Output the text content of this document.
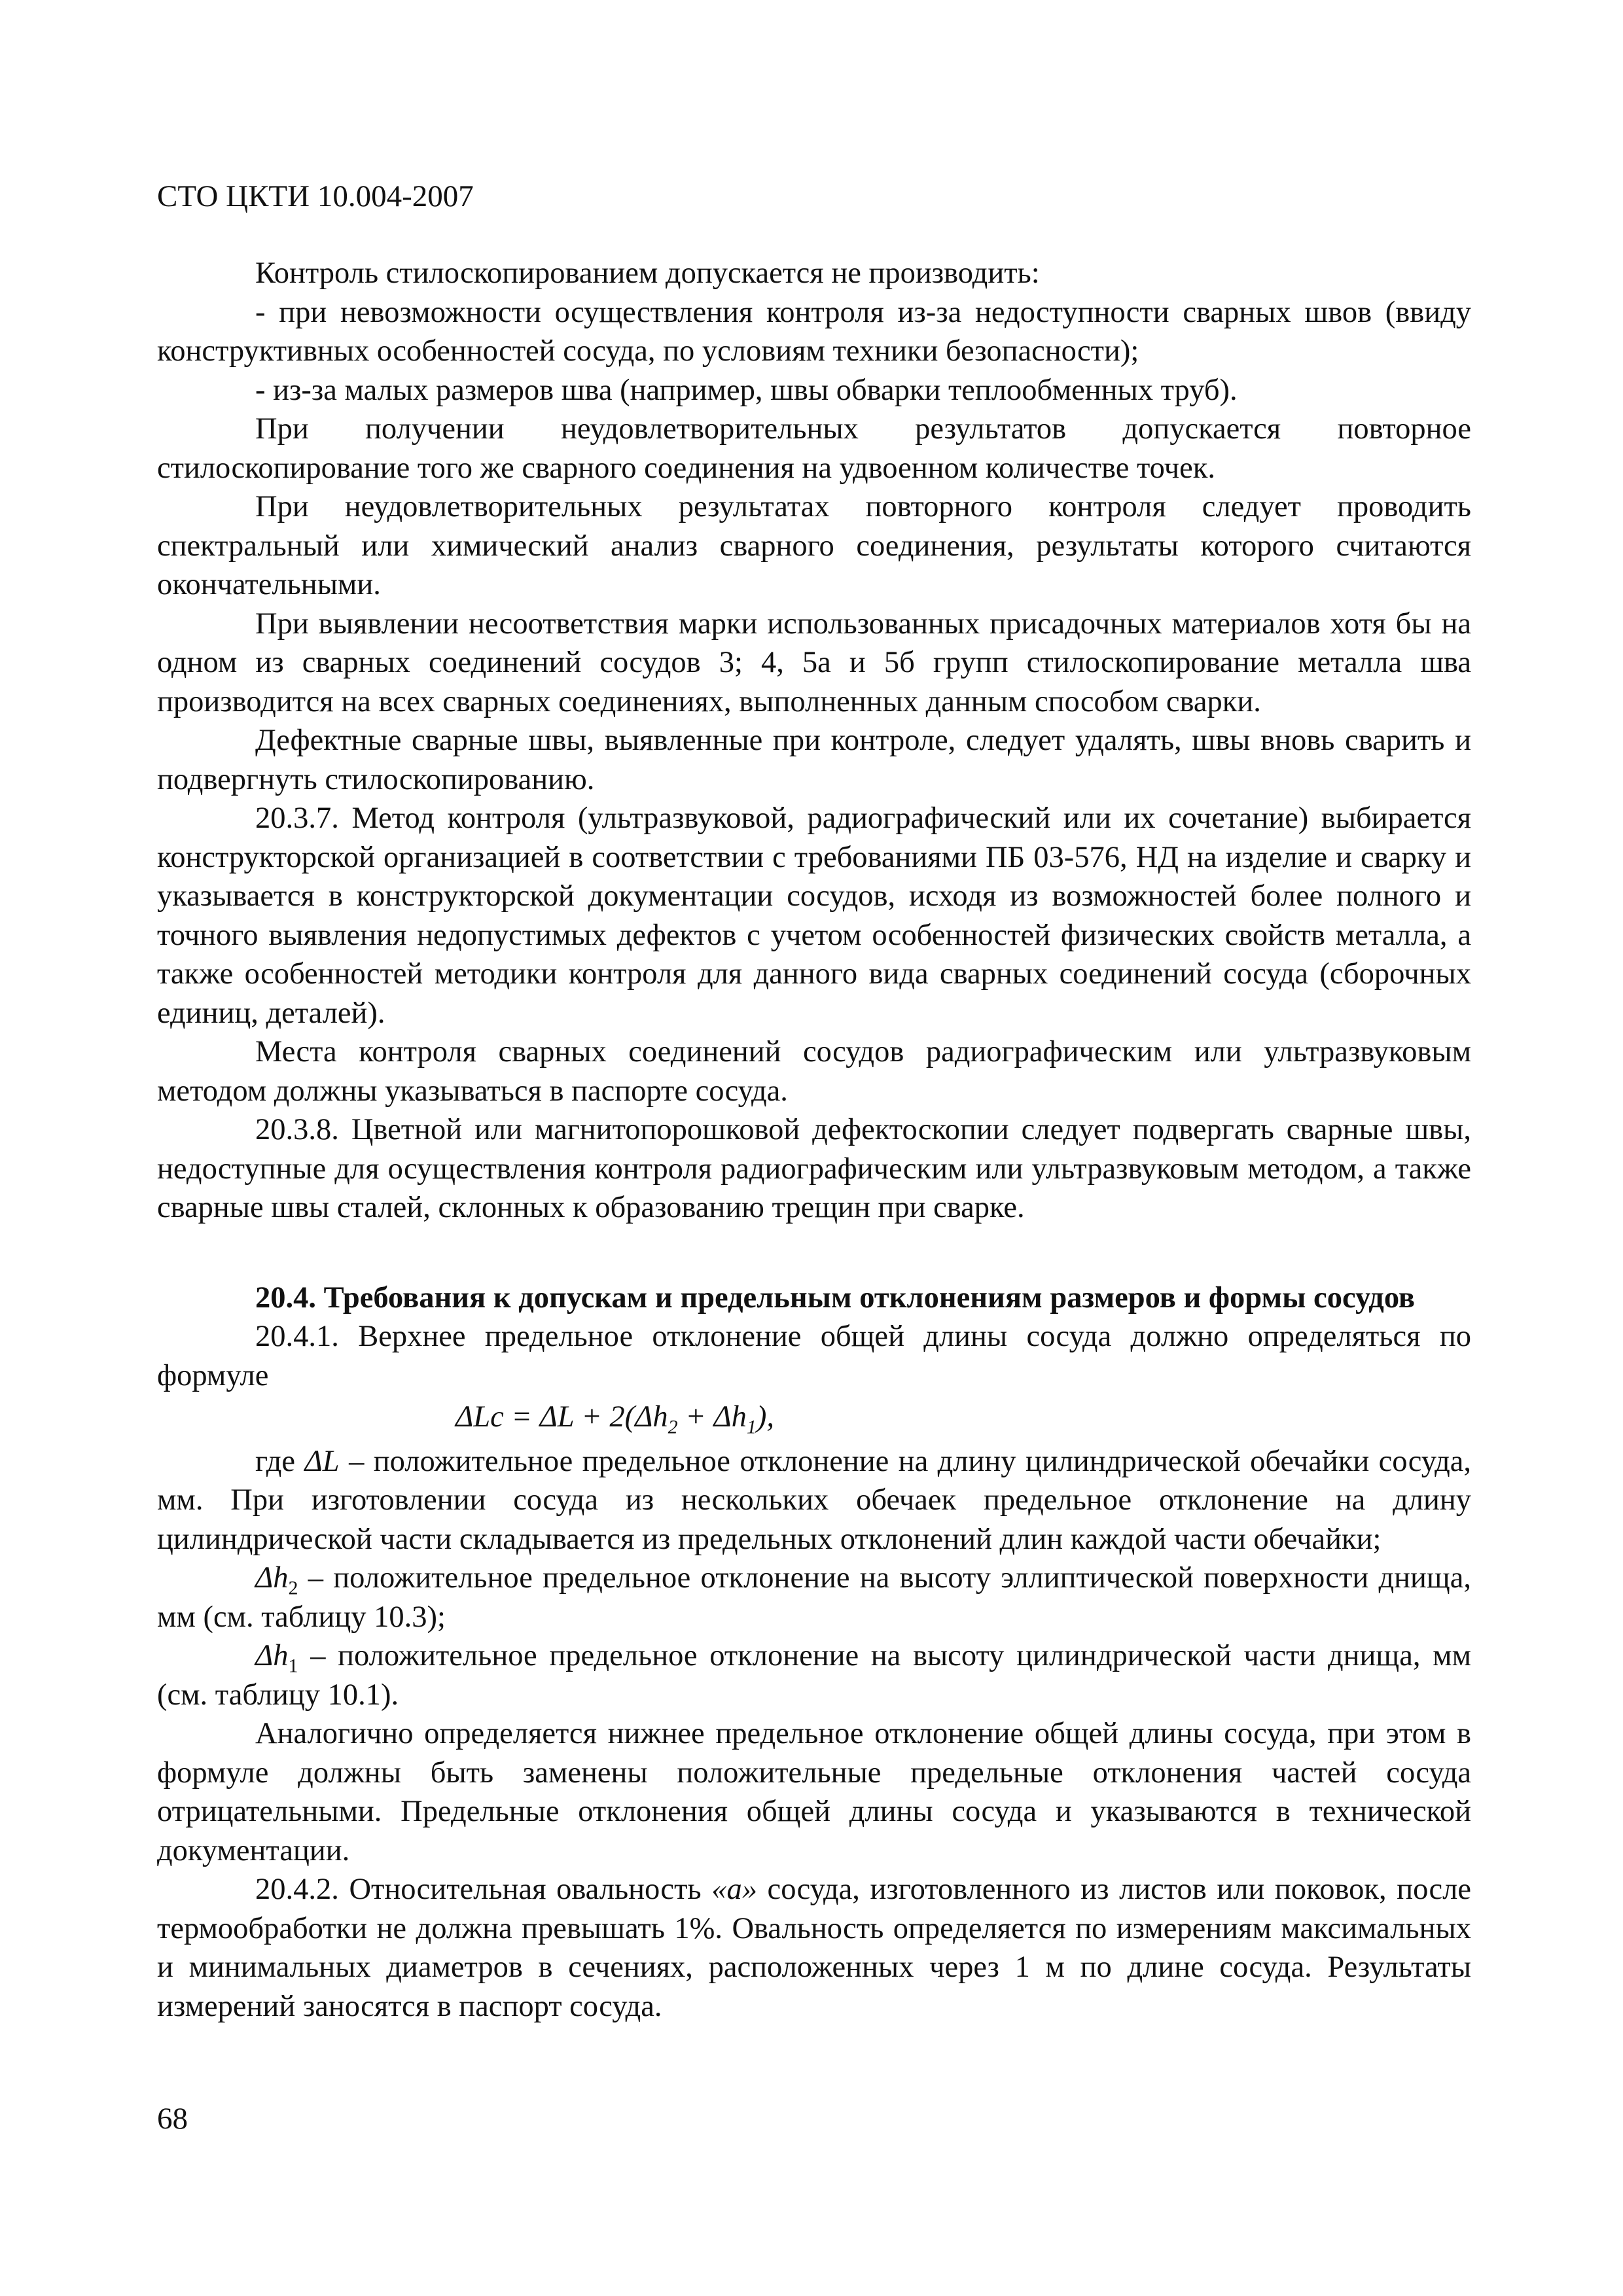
СТО ЦКТИ 10.004-2007

Контроль стилоскопированием допускается не производить:

- при невозможности осуществления контроля из-за недоступности сварных швов (ввиду конструктивных особенностей сосуда, по условиям техники безопасности);

- из-за малых размеров шва (например, швы обварки теплообменных труб).

При получении неудовлетворительных результатов допускается повторное стилоскопирование того же сварного соединения на удвоенном количестве точек.

При неудовлетворительных результатах повторного контроля следует проводить спектральный или химический анализ сварного соединения, результаты которого считаются окончательными.

При выявлении несоответствия марки использованных присадочных материалов хотя бы на одном из сварных соединений сосудов 3; 4, 5а и 5б групп стилоскопирование металла шва производится на всех сварных соединениях, выполненных данным способом сварки.

Дефектные сварные швы, выявленные при контроле, следует удалять, швы вновь сварить и подвергнуть стилоскопированию.

20.3.7. Метод контроля (ультразвуковой, радиографический или их сочетание) выбирается конструкторской организацией в соответствии с требованиями ПБ 03-576, НД на изделие и сварку и указывается в конструкторской документации сосудов, исходя из возможностей более полного и точного выявления недопустимых дефектов с учетом особенностей физических свойств металла, а также особенностей методики контроля для данного вида сварных соединений сосуда (сборочных единиц, деталей).

Места контроля сварных соединений сосудов радиографическим или ультразвуковым методом должны указываться в паспорте сосуда.

20.3.8. Цветной или магнитопорошковой дефектоскопии следует подвергать сварные швы, недоступные для осуществления контроля радиографическим или ультразвуковым методом, а также сварные швы сталей, склонных к образованию трещин при сварке.

20.4. Требования к допускам и предельным отклонениям размеров и формы сосудов

20.4.1. Верхнее предельное отклонение общей длины сосуда должно определяться по формуле

$\Delta Lc = \Delta L + 2(\Delta h_2 + \Delta h_1)$,

где ΔL – положительное предельное отклонение на длину цилиндрической обечайки сосуда, мм. При изготовлении сосуда из нескольких обечаек предельное отклонение на длину цилиндрической части складывается из предельных отклонений длин каждой части обечайки;

$\Delta h_2$ – положительное предельное отклонение на высоту эллиптической поверхности днища, мм (см. таблицу 10.3);

$\Delta h_1$ – положительное предельное отклонение на высоту цилиндрической части днища, мм (см. таблицу 10.1).

Аналогично определяется нижнее предельное отклонение общей длины сосуда, при этом в формуле должны быть заменены положительные предельные отклонения частей сосуда отрицательными. Предельные отклонения общей длины сосуда и указываются в технической документации.

20.4.2. Относительная овальность «а» сосуда, изготовленного из листов или поковок, после термообработки не должна превышать 1%. Овальность определяется по измерениям максимальных и минимальных диаметров в сечениях, расположенных через 1 м по длине сосуда. Результаты измерений заносятся в паспорт сосуда.

68
